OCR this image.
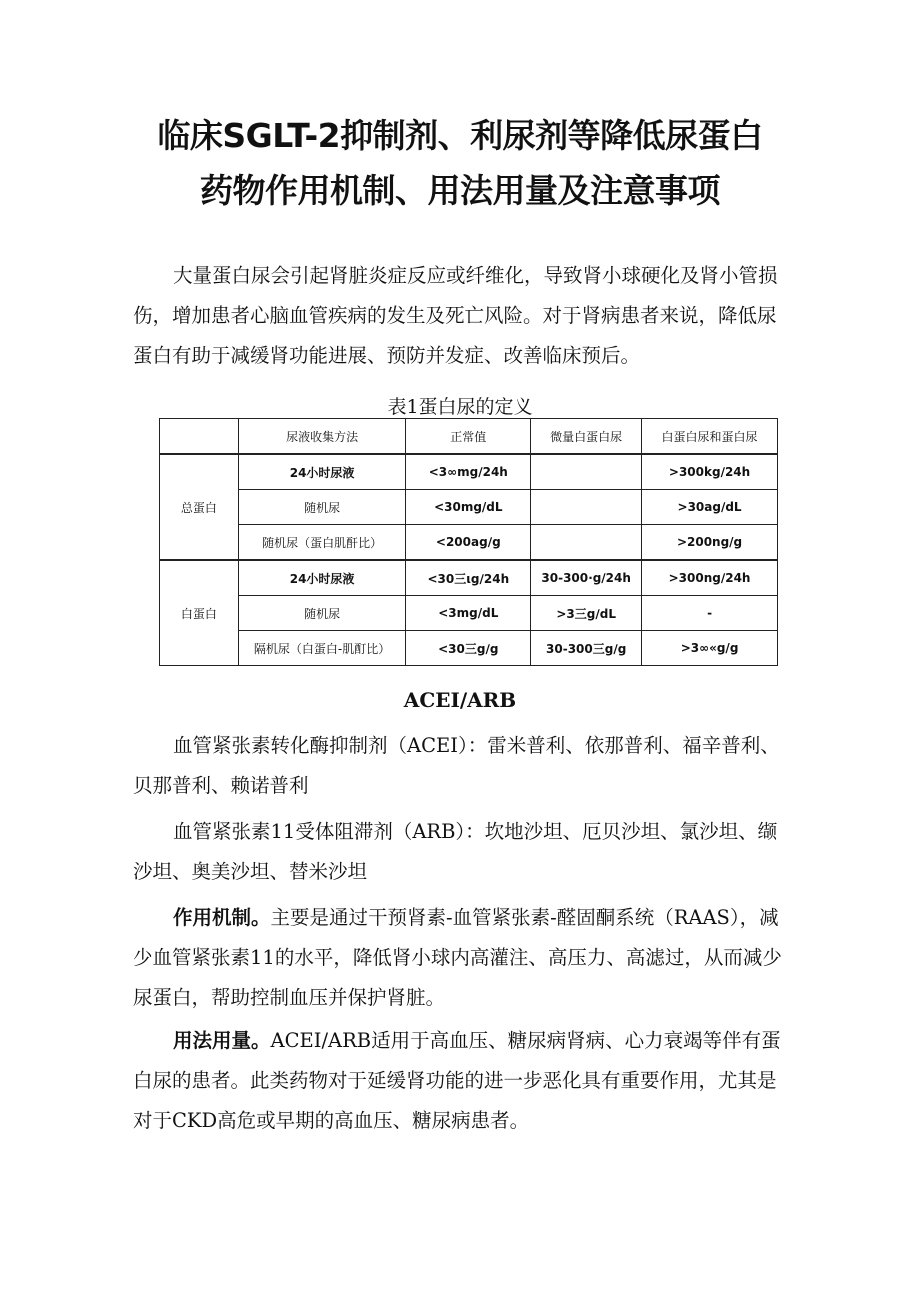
临床SGLT-2抑制剂、利尿剂等降低尿蛋白
药物作用机制、用法用量及注意事项

大量蛋白尿会引起肾脏炎症反应或纤维化，导致肾小球硬化及肾小管损伤，增加患者心脑血管疾病的发生及死亡风险。对于肾病患者来说，降低尿蛋白有助于减缓肾功能进展、预防并发症、改善临床预后。

表1蛋白尿的定义

	尿液收集方法	正常值	微量白蛋白尿	白蛋白尿和蛋白尿
总蛋白	24小时尿液	<3∞mg∕24h		>300kg∕24h
	随机尿	<30mg/dL		>30ag∕dL
	随机尿（蛋白肌酐比）	<200ag∕g		>200ng/g
白蛋白	24小时尿液	<30三ιg∕24h	30-300∙g∕24h	>300ng∕24h
	随机尿	<3mg/dL	>3三g∕dL	-
	隔机尿（白蛋白-肌酊比）	<30三g∕g	30-300三g∕g	>3∞«g/g
ACEI/ARB

血管紧张素转化酶抑制剂（ACEI）：雷米普利、依那普利、福辛普利、贝那普利、赖诺普利

血管紧张素11受体阻滞剂（ARB）：坎地沙坦、厄贝沙坦、氯沙坦、缬沙坦、奥美沙坦、替米沙坦

作用机制。主要是通过干预肾素-血管紧张素-醛固酮系统（RAAS），减少血管紧张素11的水平，降低肾小球内高灌注、高压力、高滤过，从而减少尿蛋白，帮助控制血压并保护肾脏。

用法用量。ACEI/ARB适用于高血压、糖尿病肾病、心力衰竭等伴有蛋白尿的患者。此类药物对于延缓肾功能的进一步恶化具有重要作用，尤其是对于CKD高危或早期的高血压、糖尿病患者。
